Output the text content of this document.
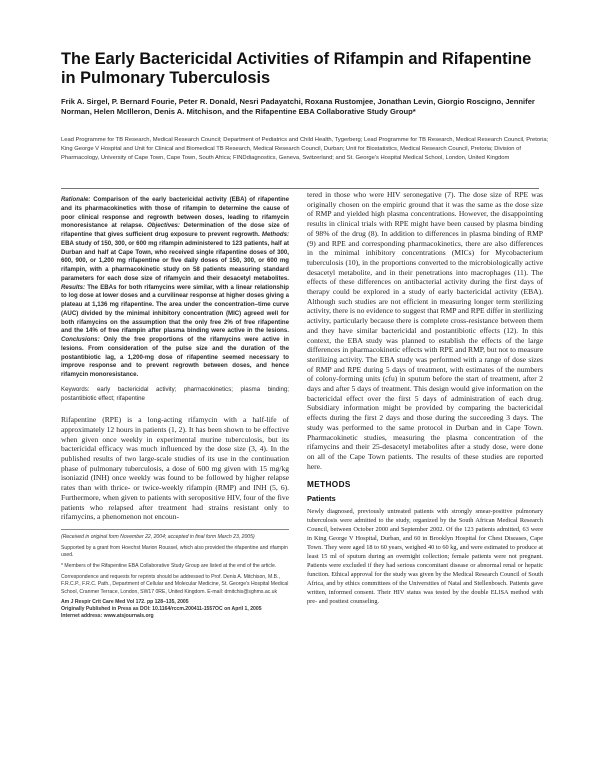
The Early Bactericidal Activities of Rifampin and Rifapentine in Pulmonary Tuberculosis

Frik A. Sirgel, P. Bernard Fourie, Peter R. Donald, Nesri Padayatchi, Roxana Rustomjee, Jonathan Levin, Giorgio Roscigno, Jennifer Norman, Helen McIlleron, Denis A. Mitchison, and the Rifapentine EBA Collaborative Study Group*

Lead Programme for TB Research, Medical Research Council; Department of Pediatrics and Child Health, Tygerberg; Lead Programme for TB Research, Medical Research Council, Pretoria; King George V Hospital and Unit for Clinical and Biomedical TB Research, Medical Research Council, Durban; Unit for Biostatistics, Medical Research Council, Pretoria; Division of Pharmacology, University of Cape Town, Cape Town, South Africa; FINDdiagnostics, Geneva, Switzerland; and St. George's Hospital Medical School, London, United Kingdom

Rationale: Comparison of the early bactericidal activity (EBA) of rifapentine and its pharmacokinetics with those of rifampin to determine the cause of poor clinical response and regrowth between doses, leading to rifamycin monoresistance at relapse. Objectives: Determination of the dose size of rifapentine that gives sufficient drug exposure to prevent regrowth. Methods: EBA study of 150, 300, or 600 mg rifampin administered to 123 patients, half at Durban and half at Cape Town, who received single rifapentine doses of 300, 600, 900, or 1,200 mg rifapentine or five daily doses of 150, 300, or 600 mg rifampin, with a pharmacokinetic study on 58 patients measuring standard parameters for each dose size of rifamycin and their desacetyl metabolites. Results: The EBAs for both rifamycins were similar, with a linear relationship to log dose at lower doses and a curvilinear response at higher doses giving a plateau at 1,136 mg rifapentine. The area under the concentration–time curve (AUC) divided by the minimal inhibitory concentration (MIC) agreed well for both rifamycins on the assumption that the only free 2% of free rifapentine and the 14% of free rifampin after plasma binding were active in the lesions. Conclusions: Only the free proportions of the rifamycins were active in lesions. From consideration of the pulse size and the duration of the postantibiotic lag, a 1,200-mg dose of rifapentine seemed necessary to improve response and to prevent regrowth between doses, and hence rifamycin monoresistance.

Keywords: early bactericidal activity; pharmacokinetics; plasma binding; postantibiotic effect; rifapentine

Rifapentine (RPE) is a long-acting rifamycin with a half-life of approximately 12 hours in patients (1, 2). It has been shown to be effective when given once weekly in experimental murine tuberculosis, but its bactericidal efficacy was much influenced by the dose size (3, 4). In the published results of two large-scale studies of its use in the continuation phase of pulmonary tuberculosis, a dose of 600 mg given with 15 mg/kg isoniazid (INH) once weekly was found to be followed by higher relapse rates than with thrice- or twice-weekly rifampin (RMP) and INH (5, 6). Furthermore, when given to patients with seropositive HIV, four of the five patients who relapsed after treatment had strains resistant only to rifamycins, a phenomenon not encoun-

(Received in original form November 22, 2004; accepted in final form March 23, 2005)

Supported by a grant from Hoechst Marion Roussel, which also provided the rifapentine and rifampin used.

* Members of the Rifapentine EBA Collaborative Study Group are listed at the end of the article.

Correspondence and requests for reprints should be addressed to Prof. Denis A. Mitchison, M.B., F.R.C.P., F.R.C. Path., Department of Cellular and Molecular Medicine, St. George's Hospital Medical School, Cranmer Terrace, London, SW17 0RE, United Kingdom. E-mail: dmitchis@sghms.ac.uk

Am J Respir Crit Care Med Vol 172. pp 128–135, 2005

Originally Published in Press as DOI: 10.1164/rccm.200411-1557OC on April 1, 2005

Internet address: www.atsjournals.org

tered in those who were HIV seronegative (7). The dose size of RPE was originally chosen on the empiric ground that it was the same as the dose size of RMP and yielded high plasma concentrations. However, the disappointing results in clinical trials with RPE might have been caused by plasma binding of 98% of the drug (8). In addition to differences in plasma binding of RMP (9) and RPE and corresponding pharmacokinetics, there are also differences in the minimal inhibitory concentrations (MICs) for Mycobacterium tuberculosis (10), in the proportions converted to the microbiologically active desacetyl metabolite, and in their penetrations into macrophages (11). The effects of these differences on antibacterial activity during the first days of therapy could be explored in a study of early bactericidal activity (EBA). Although such studies are not efficient in measuring longer term sterilizing activity, there is no evidence to suggest that RMP and RPE differ in sterilizing activity, particularly because there is complete cross-resistance between them and they have similar bactericidal and postantibiotic effects (12). In this context, the EBA study was planned to establish the effects of the large differences in pharmacokinetic effects with RPE and RMP, but not to measure sterilizing activity. The EBA study was performed with a range of dose sizes of RMP and RPE during 5 days of treatment, with estimates of the numbers of colony-forming units (cfu) in sputum before the start of treatment, after 2 days and after 5 days of treatment. This design would give information on the bactericidal effect over the first 5 days of administration of each drug. Subsidiary information might be provided by comparing the bactericidal effects during the first 2 days and those during the succeeding 3 days. The study was performed to the same protocol in Durban and in Cape Town. Pharmacokinetic studies, measuring the plasma concentration of the rifamycins and their 25-desacetyl metabolites after a study dose, were done on all of the Cape Town patients. The results of these studies are reported here.

METHODS
Patients

Newly diagnosed, previously untreated patients with strongly smear-positive pulmonary tuberculosis were admitted to the study, organized by the South African Medical Research Council, between October 2000 and September 2002. Of the 123 patients admitted, 63 were in King George V Hospital, Durban, and 60 in Brooklyn Hospital for Chest Diseases, Cape Town. They were aged 18 to 60 years, weighed 40 to 60 kg, and were estimated to produce at least 15 ml of sputum during an overnight collection; female patients were not pregnant. Patients were excluded if they had serious concomitant disease or abnormal renal or hepatic function. Ethical approval for the study was given by the Medical Research Council of South Africa, and by ethics committees of the Universities of Natal and Stellenbosch. Patients gave written, informed consent. Their HIV status was tested by the double ELISA method with pre- and posttest counseling.
